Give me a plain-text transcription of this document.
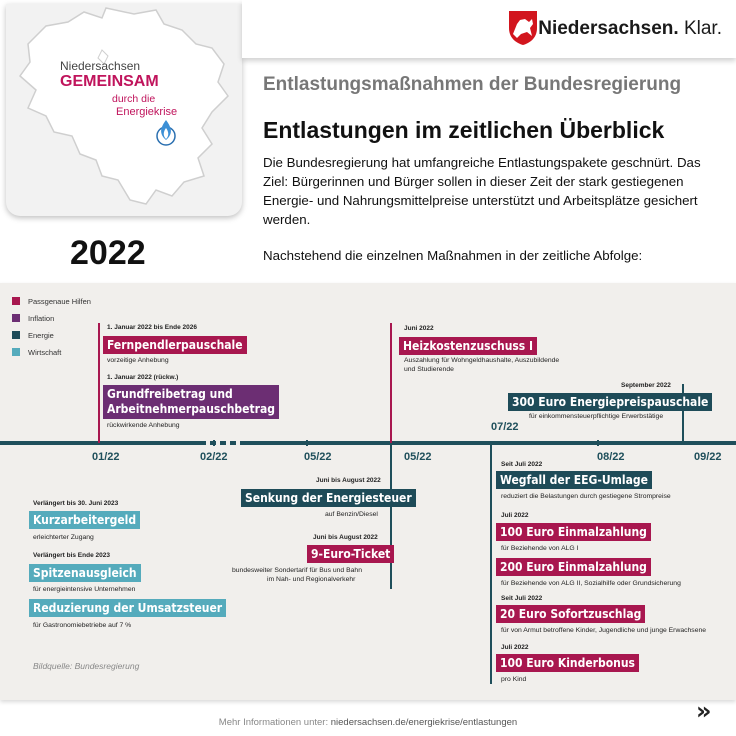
Niedersachsen
GEMEINSAM
durch die
Energiekrise
Niedersachsen. Klar.
Entlastungsmaßnahmen der Bundesregierung
Entlastungen im zeitlichen Überblick
Die Bundesregierung hat umfangreiche Entlastungspakete geschnürt. Das Ziel: Bürgerinnen und Bürger sollen in dieser Zeit der stark gestiegenen Energie- und Nahrungsmittelpreise unterstützt und Arbeitsplätze gesichert werden.
Nachstehend die einzelnen Maßnahmen in der zeitliche Abfolge:
2022
Passgenaue Hilfen
Inflation
Energie
Wirtschaft
01/22	02/22	05/22	05/22
07/22
08/22	09/22
1. Januar 2022 bis Ende 2026
Fernpendlerpauschale
vorzeitige Anhebung
1. Januar 2022 (rückw.)
Grundfreibetrag und
Arbeitnehmerpauschbetrag
rückwirkende Anhebung
Juni 2022
Heizkostenzuschuss I
Auszahlung für Wohngeldhaushalte, Auszubildende
und Studierende
September 2022
300 Euro Energiepreispauschale
für einkommensteuerpflichtige Erwerbstätige
Juni bis August 2022
Senkung der Energiesteuer
auf Benzin/Diesel
Juni bis August 2022
9-Euro-Ticket
bundesweiter Sondertarif für Bus und Bahn
im Nah- und Regionalverkehr
Verlängert bis 30. Juni 2023
Kurzarbeitergeld
erleichterter Zugang
Verlängert bis Ende 2023
Spitzenausgleich
für energieintensive Unternehmen
Reduzierung der Umsatzsteuer
für Gastronomiebetriebe auf 7 %
Seit Juli 2022
Wegfall der EEG-Umlage
reduziert die Belastungen durch gestiegene Strompreise
Juli 2022
100 Euro Einmalzahlung
für Beziehende von ALG I
200 Euro Einmalzahlung
für Beziehende von ALG II, Sozialhilfe oder Grundsicherung
Seit Juli 2022
20 Euro Sofortzuschlag
für von Armut betroffene Kinder, Jugendliche und junge Erwachsene
Juli 2022
100 Euro Kinderbonus
pro Kind
Bildquelle: Bundesregierung
Mehr Informationen unter: niedersachsen.de/energiekrise/entlastungen	»
